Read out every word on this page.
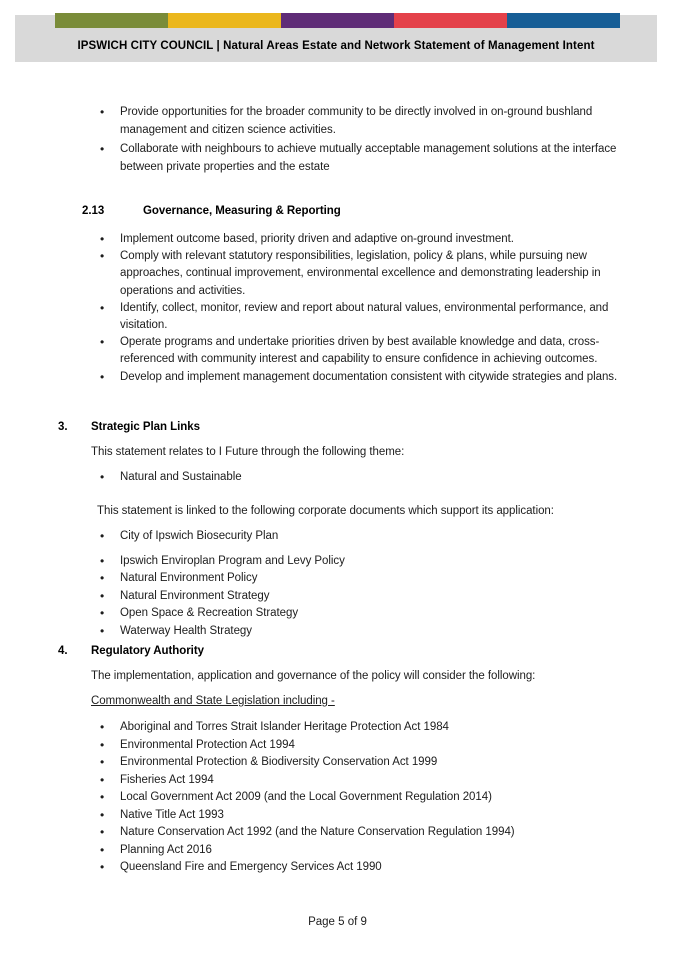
IPSWICH CITY COUNCIL | Natural Areas Estate and Network Statement of Management Intent
• Provide opportunities for the broader community to be directly involved in on-ground bushland management and citizen science activities.
• Collaborate with neighbours to achieve mutually acceptable management solutions at the interface between private properties and the estate
2.13	Governance, Measuring & Reporting
• Implement outcome based, priority driven and adaptive on-ground investment.
• Comply with relevant statutory responsibilities, legislation, policy & plans, while pursuing new approaches, continual improvement, environmental excellence and demonstrating leadership in operations and activities.
• Identify, collect, monitor, review and report about natural values, environmental performance, and visitation.
• Operate programs and undertake priorities driven by best available knowledge and data, cross-referenced with community interest and capability to ensure confidence in achieving outcomes.
• Develop and implement management documentation consistent with citywide strategies and plans.
3.	Strategic Plan Links
This statement relates to I Future through the following theme:
• Natural and Sustainable
This statement is linked to the following corporate documents which support its application:
• City of Ipswich Biosecurity Plan
• Ipswich Enviroplan Program and Levy Policy
• Natural Environment Policy
• Natural Environment Strategy
• Open Space & Recreation Strategy
• Waterway Health Strategy
4.	Regulatory Authority
The implementation, application and governance of the policy will consider the following:
Commonwealth and State Legislation including -
• Aboriginal and Torres Strait Islander Heritage Protection Act 1984
• Environmental Protection Act 1994
• Environmental Protection & Biodiversity Conservation Act 1999
• Fisheries Act 1994
• Local Government Act 2009 (and the Local Government Regulation 2014)
• Native Title Act 1993
• Nature Conservation Act 1992 (and the Nature Conservation Regulation 1994)
• Planning Act 2016
• Queensland Fire and Emergency Services Act 1990
Page 5 of 9
